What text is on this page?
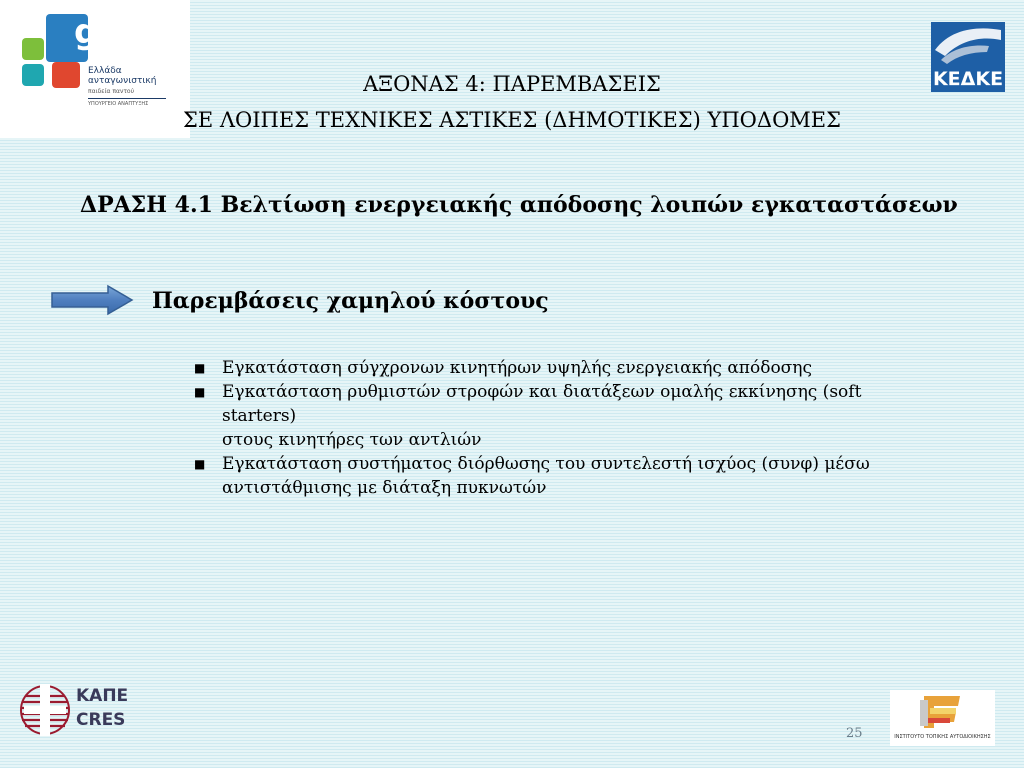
gr
Ελλάδα
ανταγωνιστική
παιδεία παντού
ΥΠΟΥΡΓΕΙΟ ΑΝΑΠΤΥΞΗΣ
ΚΕΔΚΕ
ΑΞΟΝΑΣ 4: ΠΑΡΕΜΒΑΣΕΙΣ
ΣΕ ΛΟΙΠΕΣ ΤΕΧΝΙΚΕΣ ΑΣΤΙΚΕΣ (ΔΗΜΟΤΙΚΕΣ) ΥΠΟΔΟΜΕΣ
ΔΡΑΣΗ 4.1 Βελτίωση ενεργειακής απόδοσης λοιπών εγκαταστάσεων
Παρεμβάσεις χαμηλού κόστους
■ Εγκατάσταση σύγχρονων κινητήρων υψηλής ενεργειακής απόδοσης
■ Εγκατάσταση ρυθμιστών στροφών και διατάξεων ομαλής εκκίνησης (soft
starters)
στους κινητήρες των αντλιών
■ Εγκατάσταση συστήματος διόρθωσης του συντελεστή ισχύος (συνφ) μέσω
αντιστάθμισης με διάταξη πυκνωτών
ΚΑΠΕ
CRES
ΙΝΣΤΙΤΟΥΤΟ ΤΟΠΙΚΗΣ ΑΥΤΟΔΙΟΙΚΗΣΗΣ
25
